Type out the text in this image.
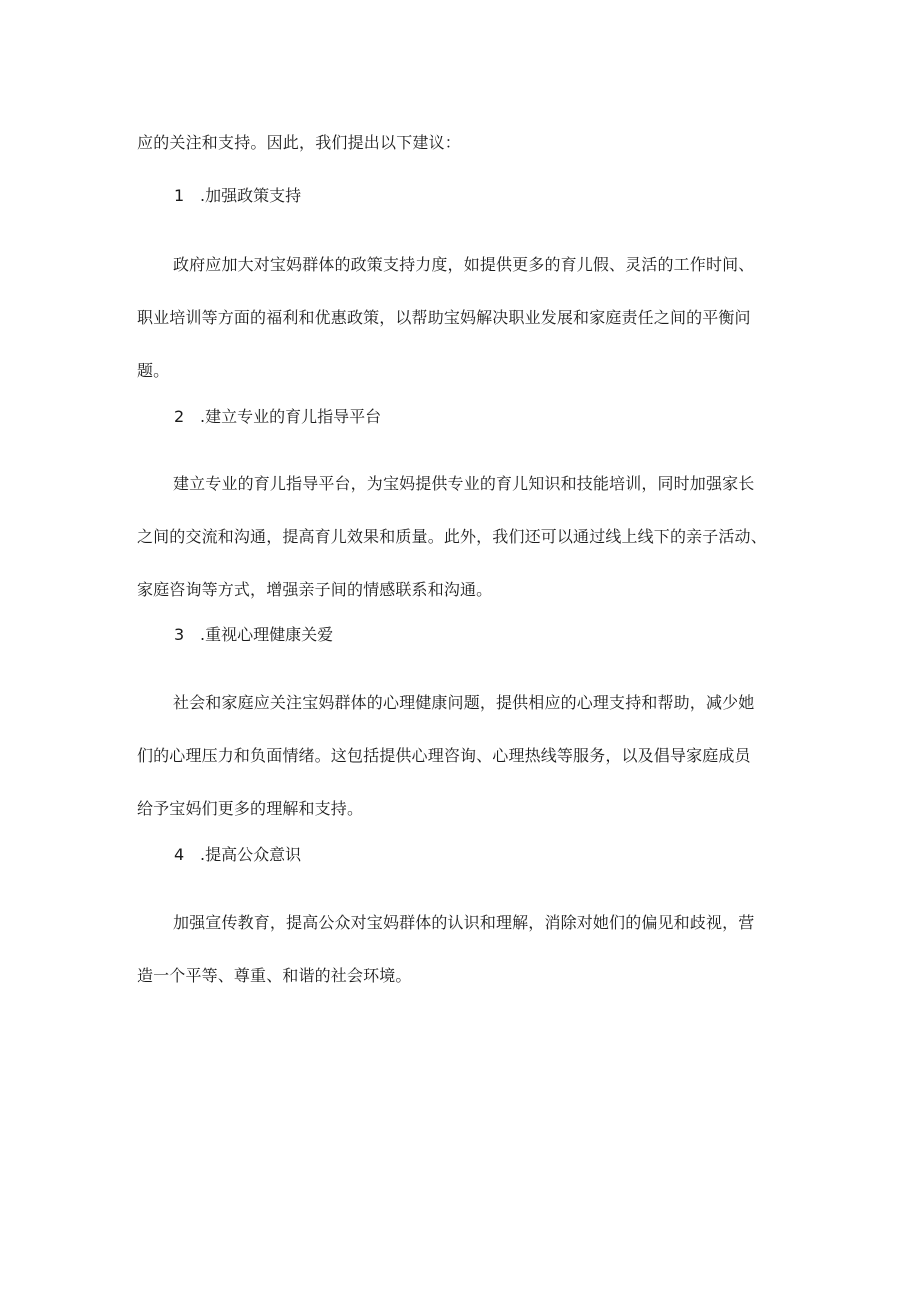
应的关注和支持。因此，我们提出以下建议：
1 .加强政策支持
政府应加大对宝妈群体的政策支持力度，如提供更多的育儿假、灵活的工作时间、
职业培训等方面的福利和优惠政策，以帮助宝妈解决职业发展和家庭责任之间的平衡问
题。
2 .建立专业的育儿指导平台
建立专业的育儿指导平台，为宝妈提供专业的育儿知识和技能培训，同时加强家长
之间的交流和沟通，提高育儿效果和质量。此外，我们还可以通过线上线下的亲子活动、
家庭咨询等方式，增强亲子间的情感联系和沟通。
3 .重视心理健康关爱
社会和家庭应关注宝妈群体的心理健康问题，提供相应的心理支持和帮助，减少她
们的心理压力和负面情绪。这包括提供心理咨询、心理热线等服务，以及倡导家庭成员
给予宝妈们更多的理解和支持。
4 .提高公众意识
加强宣传教育，提高公众对宝妈群体的认识和理解，消除对她们的偏见和歧视，营
造一个平等、尊重、和谐的社会环境。
